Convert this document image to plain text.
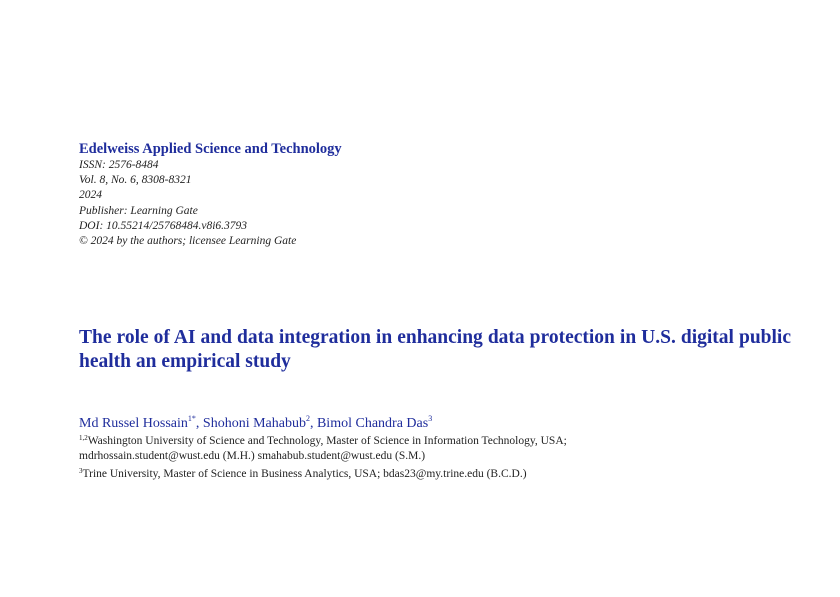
Edelweiss Applied Science and Technology

ISSN: 2576-8484

Vol. 8, No. 6, 8308-8321

2024

Publisher: Learning Gate

DOI: 10.55214/25768484.v8i6.3793

© 2024 by the authors; licensee Learning Gate

The role of AI and data integration in enhancing data protection in U.S. digital public health an empirical study

Md Russel Hossain$^{1*}$, Shohoni Mahabub$^2$, Bimol Chandra Das$^3$

$^{1,2}$Washington University of Science and Technology, Master of Science in Information Technology, USA;

mdrhossain.student@wust.edu (M.H.) smahabub.student@wust.edu (S.M.)

$^3$Trine University, Master of Science in Business Analytics, USA; bdas23@my.trine.edu (B.C.D.)
